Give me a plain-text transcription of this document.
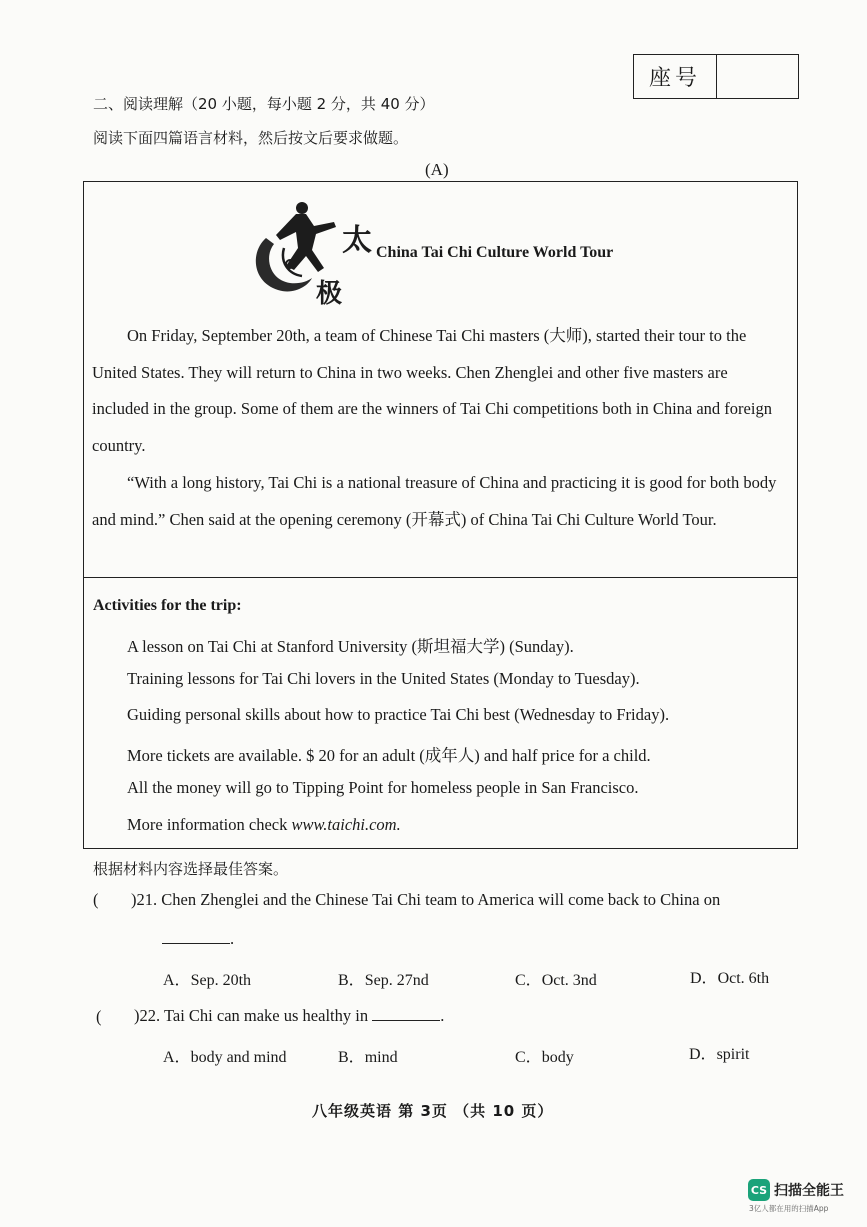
座号
二、阅读理解（20 小题，每小题 2 分，共 40 分）
阅读下面四篇语言材料，然后按文后要求做题。
(A)
太
极
China Tai Chi Culture World Tour

On Friday, September 20th, a team of Chinese Tai Chi masters (大师), started their tour to the United States. They will return to China in two weeks. Chen Zhenglei and other five masters are included in the group. Some of them are the winners of Tai Chi competitions both in China and foreign country.

“With a long history, Tai Chi is a national treasure of China and practicing it is good for both body and mind.” Chen said at the opening ceremony (开幕式) of China Tai Chi Culture World Tour.

Activities for the trip:
A lesson on Tai Chi at Stanford University (斯坦福大学) (Sunday).
Training lessons for Tai Chi lovers in the United States (Monday to Tuesday).
Guiding personal skills about how to practice Tai Chi best (Wednesday to Friday).
More tickets are available. $ 20 for an adult (成年人) and half price for a child.
All the money will go to Tipping Point for homeless people in San Francisco.
More information check www.taichi.com.
根据材料内容选择最佳答案。
( )21. Chen Zhenglei and the Chinese Tai Chi team to America will come back to China on
.
A．Sep. 20th	B．Sep. 27nd	C．Oct. 3nd	D．Oct. 6th
( )22. Tai Chi can make us healthy in	.
A．body and mind	B．mind	C．body	D．spirit
八年级英语 第 3页 （共 10 页）
CS 扫描全能王
3亿人都在用的扫描App
